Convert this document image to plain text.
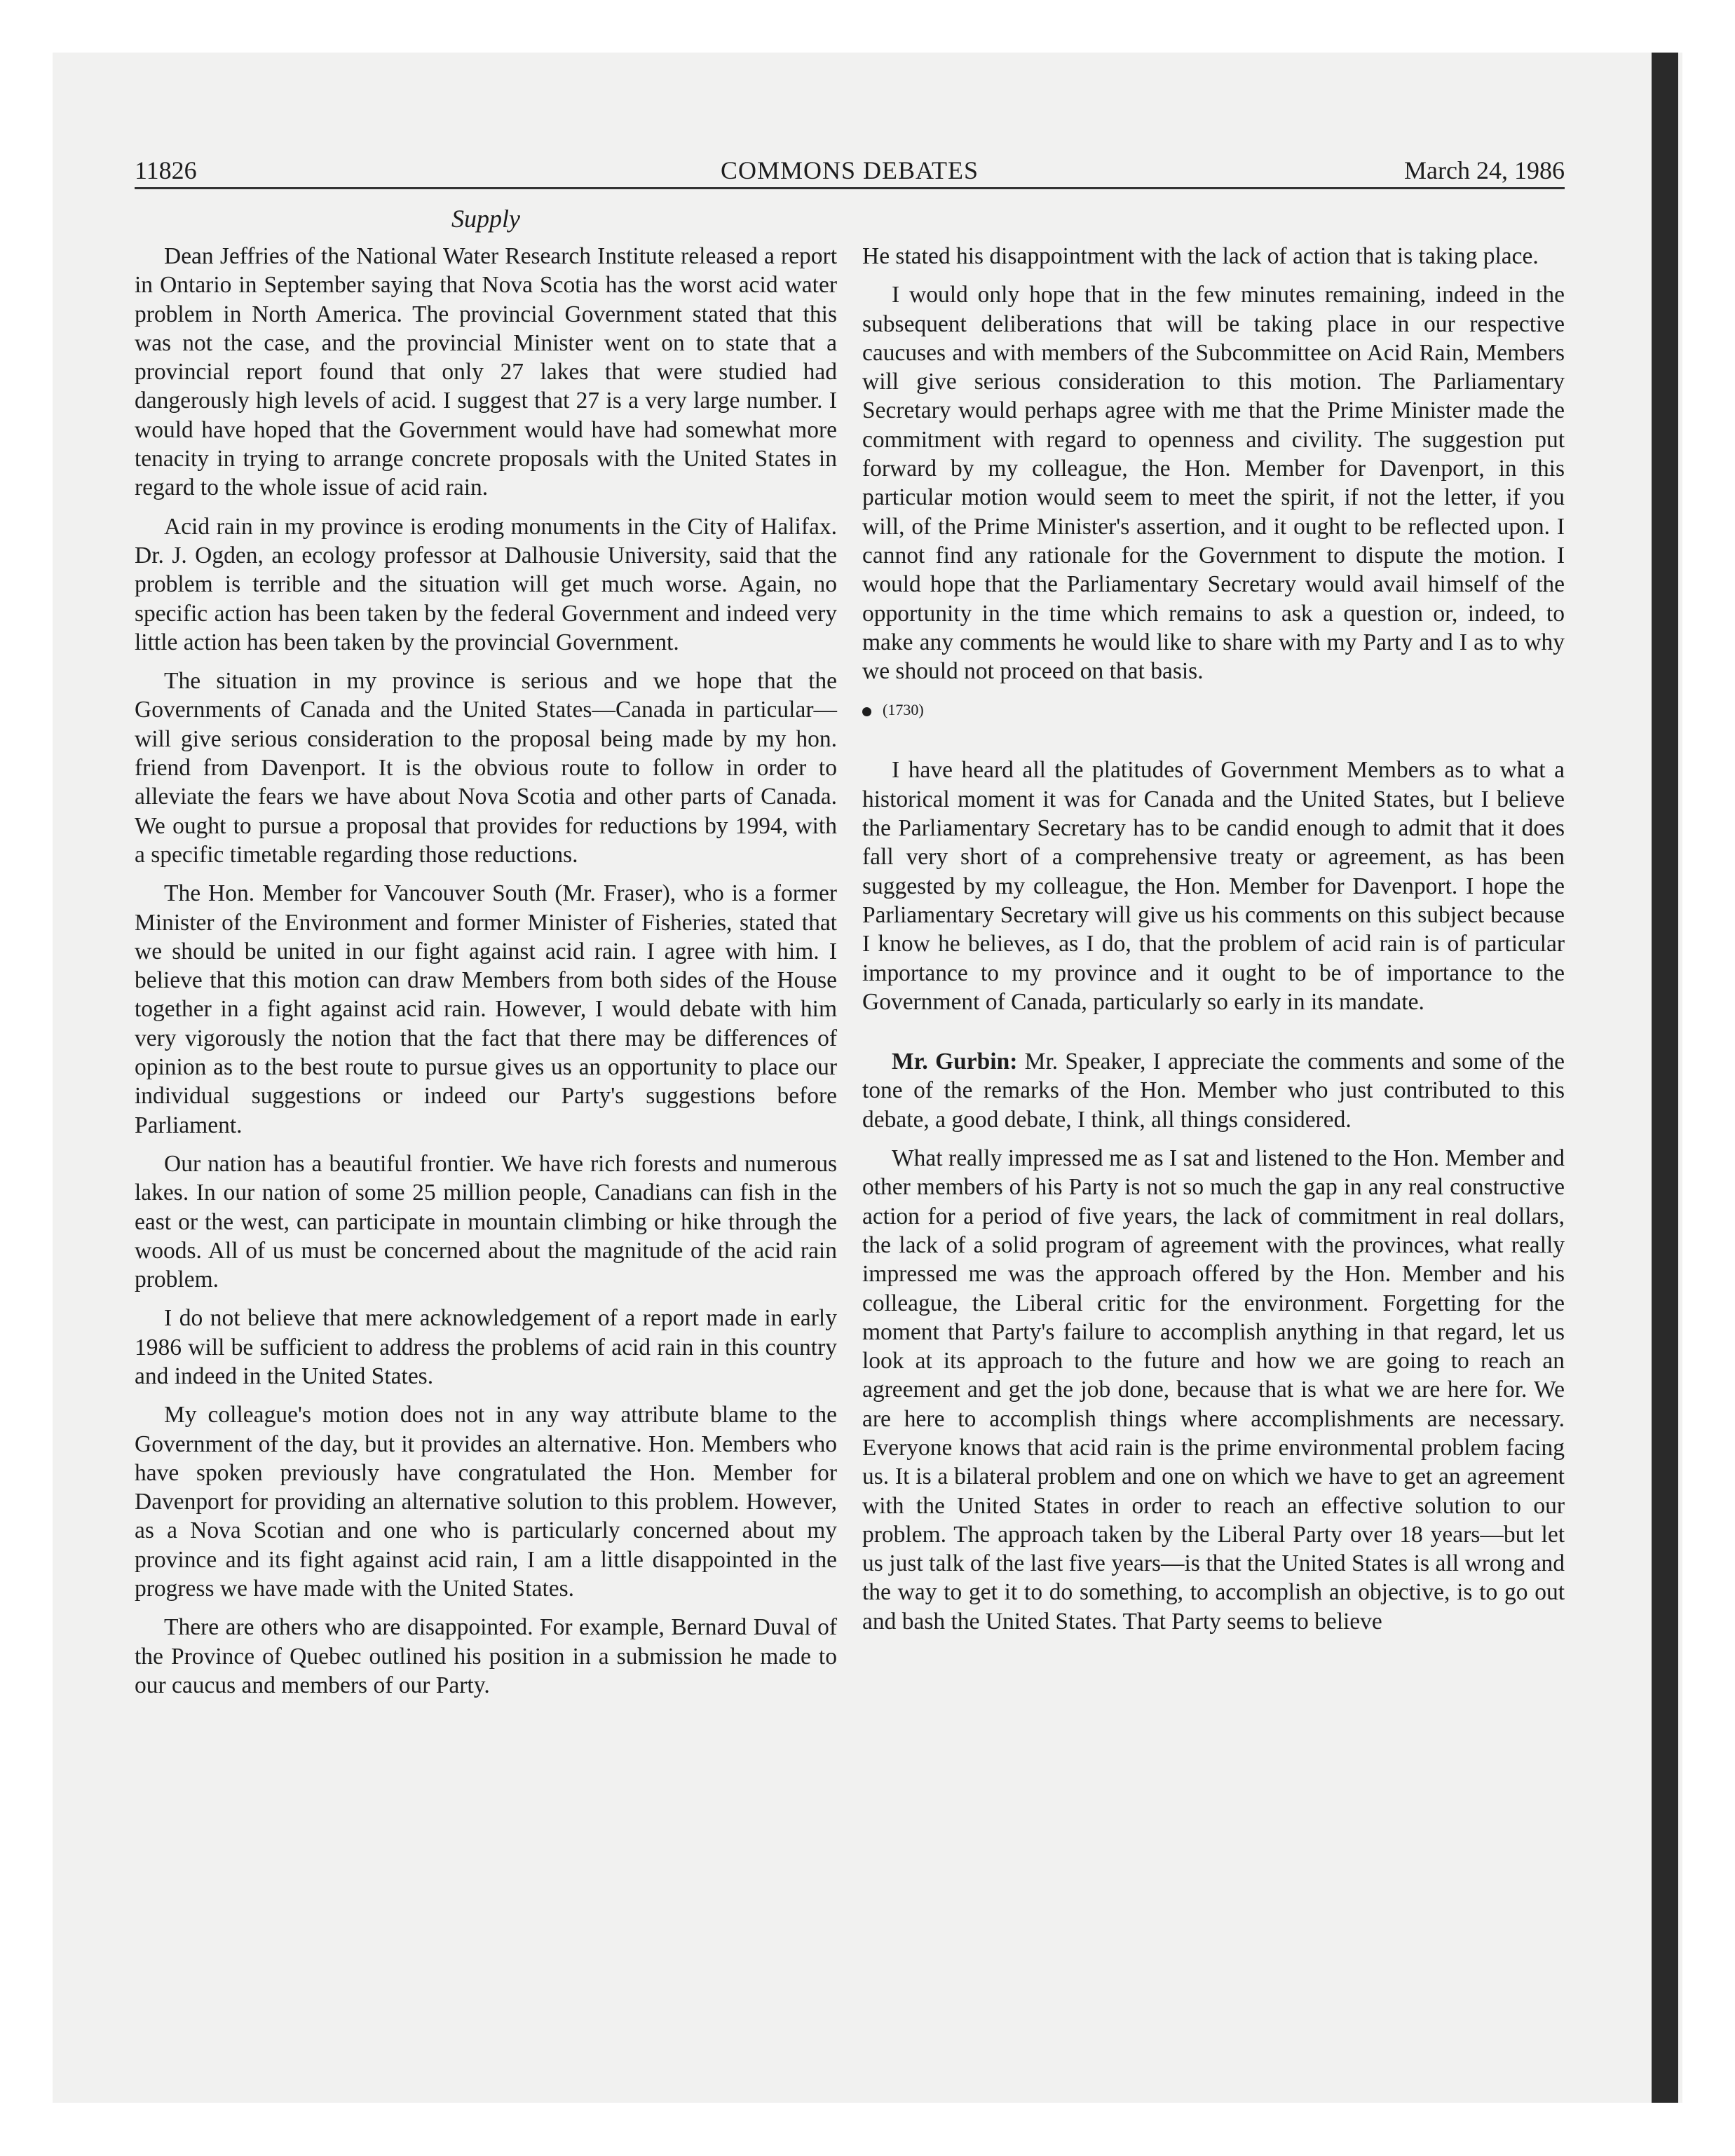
COMMONS DEBATES
11826	March 24, 1986
Supply

Dean Jeffries of the National Water Research Institute released a report in Ontario in September saying that Nova Scotia has the worst acid water problem in North America. The provincial Government stated that this was not the case, and the provincial Minister went on to state that a provincial report found that only 27 lakes that were studied had dangerously high levels of acid. I suggest that 27 is a very large number. I would have hoped that the Government would have had somewhat more tenacity in trying to arrange concrete proposals with the United States in regard to the whole issue of acid rain.

Acid rain in my province is eroding monuments in the City of Halifax. Dr. J. Ogden, an ecology professor at Dalhousie University, said that the problem is terrible and the situation will get much worse. Again, no specific action has been taken by the federal Government and indeed very little action has been taken by the provincial Government.

The situation in my province is serious and we hope that the Governments of Canada and the United States—Canada in particular—will give serious consideration to the proposal being made by my hon. friend from Davenport. It is the obvious route to follow in order to alleviate the fears we have about Nova Scotia and other parts of Canada. We ought to pursue a proposal that provides for reductions by 1994, with a specific timetable regarding those reductions.

The Hon. Member for Vancouver South (Mr. Fraser), who is a former Minister of the Environment and former Minister of Fisheries, stated that we should be united in our fight against acid rain. I agree with him. I believe that this motion can draw Members from both sides of the House together in a fight against acid rain. However, I would debate with him very vigorously the notion that the fact that there may be differences of opinion as to the best route to pursue gives us an opportunity to place our individual suggestions or indeed our Party's suggestions before Parliament.

Our nation has a beautiful frontier. We have rich forests and numerous lakes. In our nation of some 25 million people, Canadians can fish in the east or the west, can participate in mountain climbing or hike through the woods. All of us must be concerned about the magnitude of the acid rain problem.

I do not believe that mere acknowledgement of a report made in early 1986 will be sufficient to address the problems of acid rain in this country and indeed in the United States.

My colleague's motion does not in any way attribute blame to the Government of the day, but it provides an alternative. Hon. Members who have spoken previously have congratulated the Hon. Member for Davenport for providing an alternative solution to this problem. However, as a Nova Scotian and one who is particularly concerned about my province and its fight against acid rain, I am a little disappointed in the progress we have made with the United States.

There are others who are disappointed. For example, Bernard Duval of the Province of Quebec outlined his position in a submission he made to our caucus and members of our Party.

He stated his disappointment with the lack of action that is taking place.

I would only hope that in the few minutes remaining, indeed in the subsequent deliberations that will be taking place in our respective caucuses and with members of the Subcommittee on Acid Rain, Members will give serious consideration to this motion. The Parliamentary Secretary would perhaps agree with me that the Prime Minister made the commitment with regard to openness and civility. The suggestion put forward by my colleague, the Hon. Member for Davenport, in this particular motion would seem to meet the spirit, if not the letter, if you will, of the Prime Minister's assertion, and it ought to be reflected upon. I cannot find any rationale for the Government to dispute the motion. I would hope that the Parliamentary Secretary would avail himself of the opportunity in the time which remains to ask a question or, indeed, to make any comments he would like to share with my Party and I as to why we should not proceed on that basis.

(1730)

I have heard all the platitudes of Government Members as to what a historical moment it was for Canada and the United States, but I believe the Parliamentary Secretary has to be candid enough to admit that it does fall very short of a comprehensive treaty or agreement, as has been suggested by my colleague, the Hon. Member for Davenport. I hope the Parliamentary Secretary will give us his comments on this subject because I know he believes, as I do, that the problem of acid rain is of particular importance to my province and it ought to be of importance to the Government of Canada, particularly so early in its mandate.

Mr. Gurbin: Mr. Speaker, I appreciate the comments and some of the tone of the remarks of the Hon. Member who just contributed to this debate, a good debate, I think, all things considered.

What really impressed me as I sat and listened to the Hon. Member and other members of his Party is not so much the gap in any real constructive action for a period of five years, the lack of commitment in real dollars, the lack of a solid program of agreement with the provinces, what really impressed me was the approach offered by the Hon. Member and his colleague, the Liberal critic for the environment. Forgetting for the moment that Party's failure to accomplish anything in that regard, let us look at its approach to the future and how we are going to reach an agreement and get the job done, because that is what we are here for. We are here to accomplish things where accomplishments are necessary. Everyone knows that acid rain is the prime environmental problem facing us. It is a bilateral problem and one on which we have to get an agreement with the United States in order to reach an effective solution to our problem. The approach taken by the Liberal Party over 18 years—but let us just talk of the last five years—is that the United States is all wrong and the way to get it to do something, to accomplish an objective, is to go out and bash the United States. That Party seems to believe
